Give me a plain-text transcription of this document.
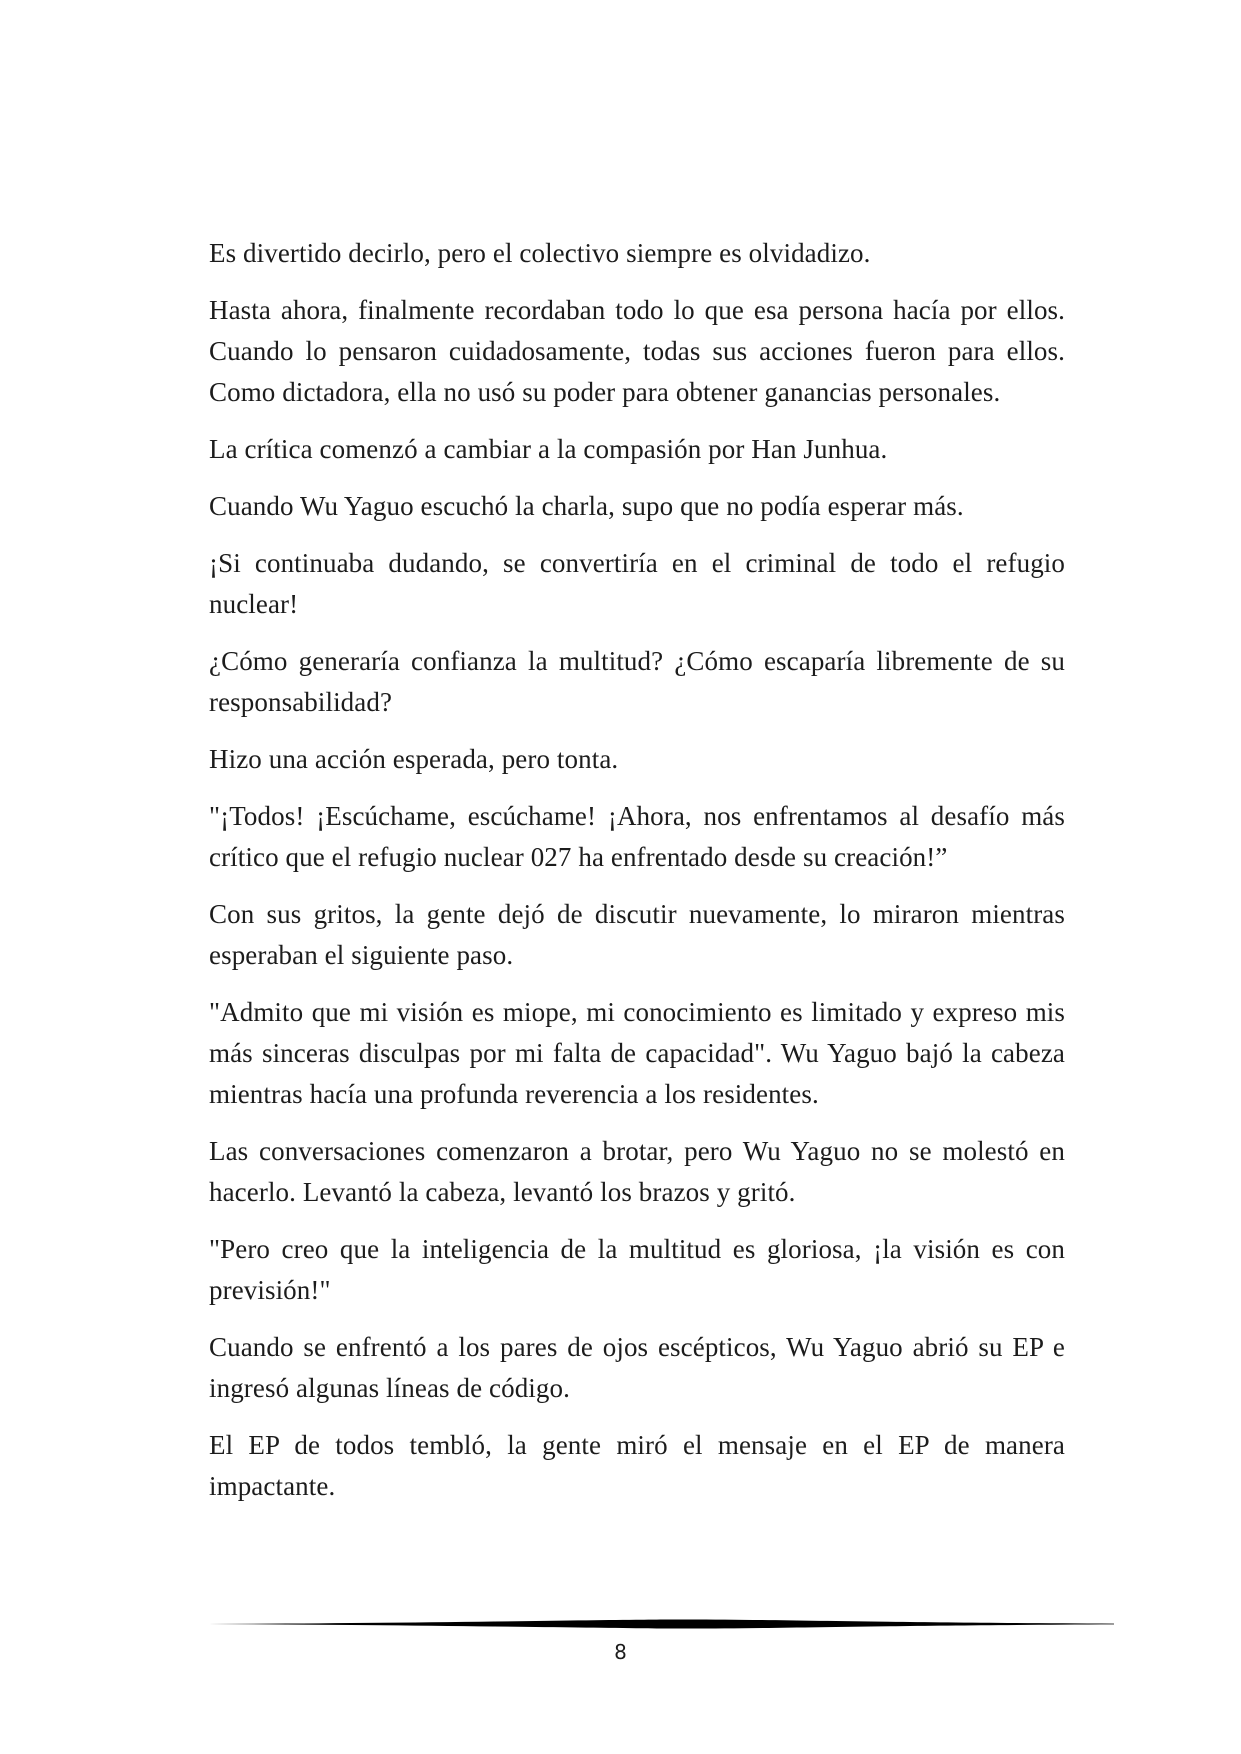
Es divertido decirlo, pero el colectivo siempre es olvidadizo.

Hasta ahora, finalmente recordaban todo lo que esa persona hacía por ellos. Cuando lo pensaron cuidadosamente, todas sus acciones fueron para ellos. Como dictadora, ella no usó su poder para obtener ganancias personales.

La crítica comenzó a cambiar a la compasión por Han Junhua.

Cuando Wu Yaguo escuchó la charla, supo que no podía esperar más.

¡Si continuaba dudando, se convertiría en el criminal de todo el refugio nuclear!

¿Cómo generaría confianza la multitud? ¿Cómo escaparía libremente de su responsabilidad?

Hizo una acción esperada, pero tonta.

"¡Todos! ¡Escúchame, escúchame! ¡Ahora, nos enfrentamos al desafío más crítico que el refugio nuclear 027 ha enfrentado desde su creación!”

Con sus gritos, la gente dejó de discutir nuevamente, lo miraron mientras esperaban el siguiente paso.

"Admito que mi visión es miope, mi conocimiento es limitado y expreso mis más sinceras disculpas por mi falta de capacidad". Wu Yaguo bajó la cabeza mientras hacía una profunda reverencia a los residentes.

Las conversaciones comenzaron a brotar, pero Wu Yaguo no se molestó en hacerlo. Levantó la cabeza, levantó los brazos y gritó.

"Pero creo que la inteligencia de la multitud es gloriosa, ¡la visión es con previsión!"

Cuando se enfrentó a los pares de ojos escépticos, Wu Yaguo abrió su EP e ingresó algunas líneas de código.

El EP de todos tembló, la gente miró el mensaje en el EP de manera impactante.

8
